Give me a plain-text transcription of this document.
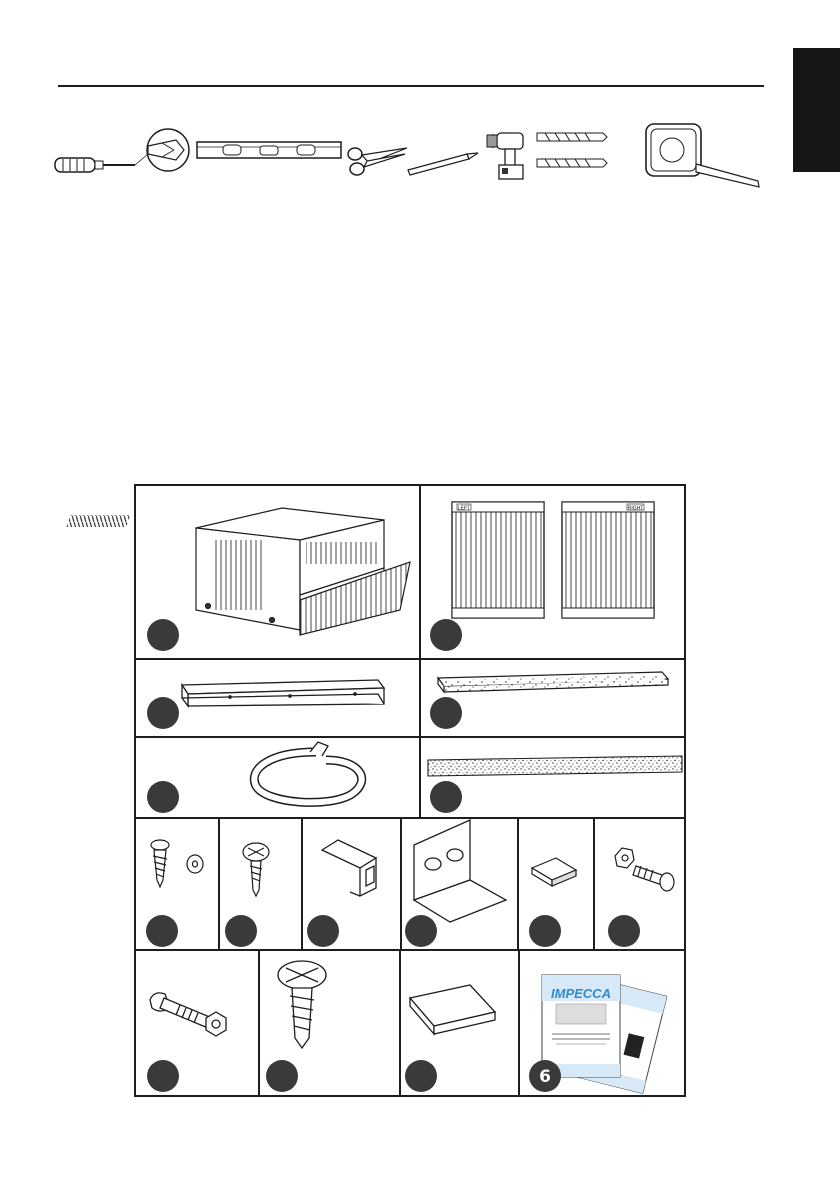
LEFT	RIGHT
IMPECCA
6
